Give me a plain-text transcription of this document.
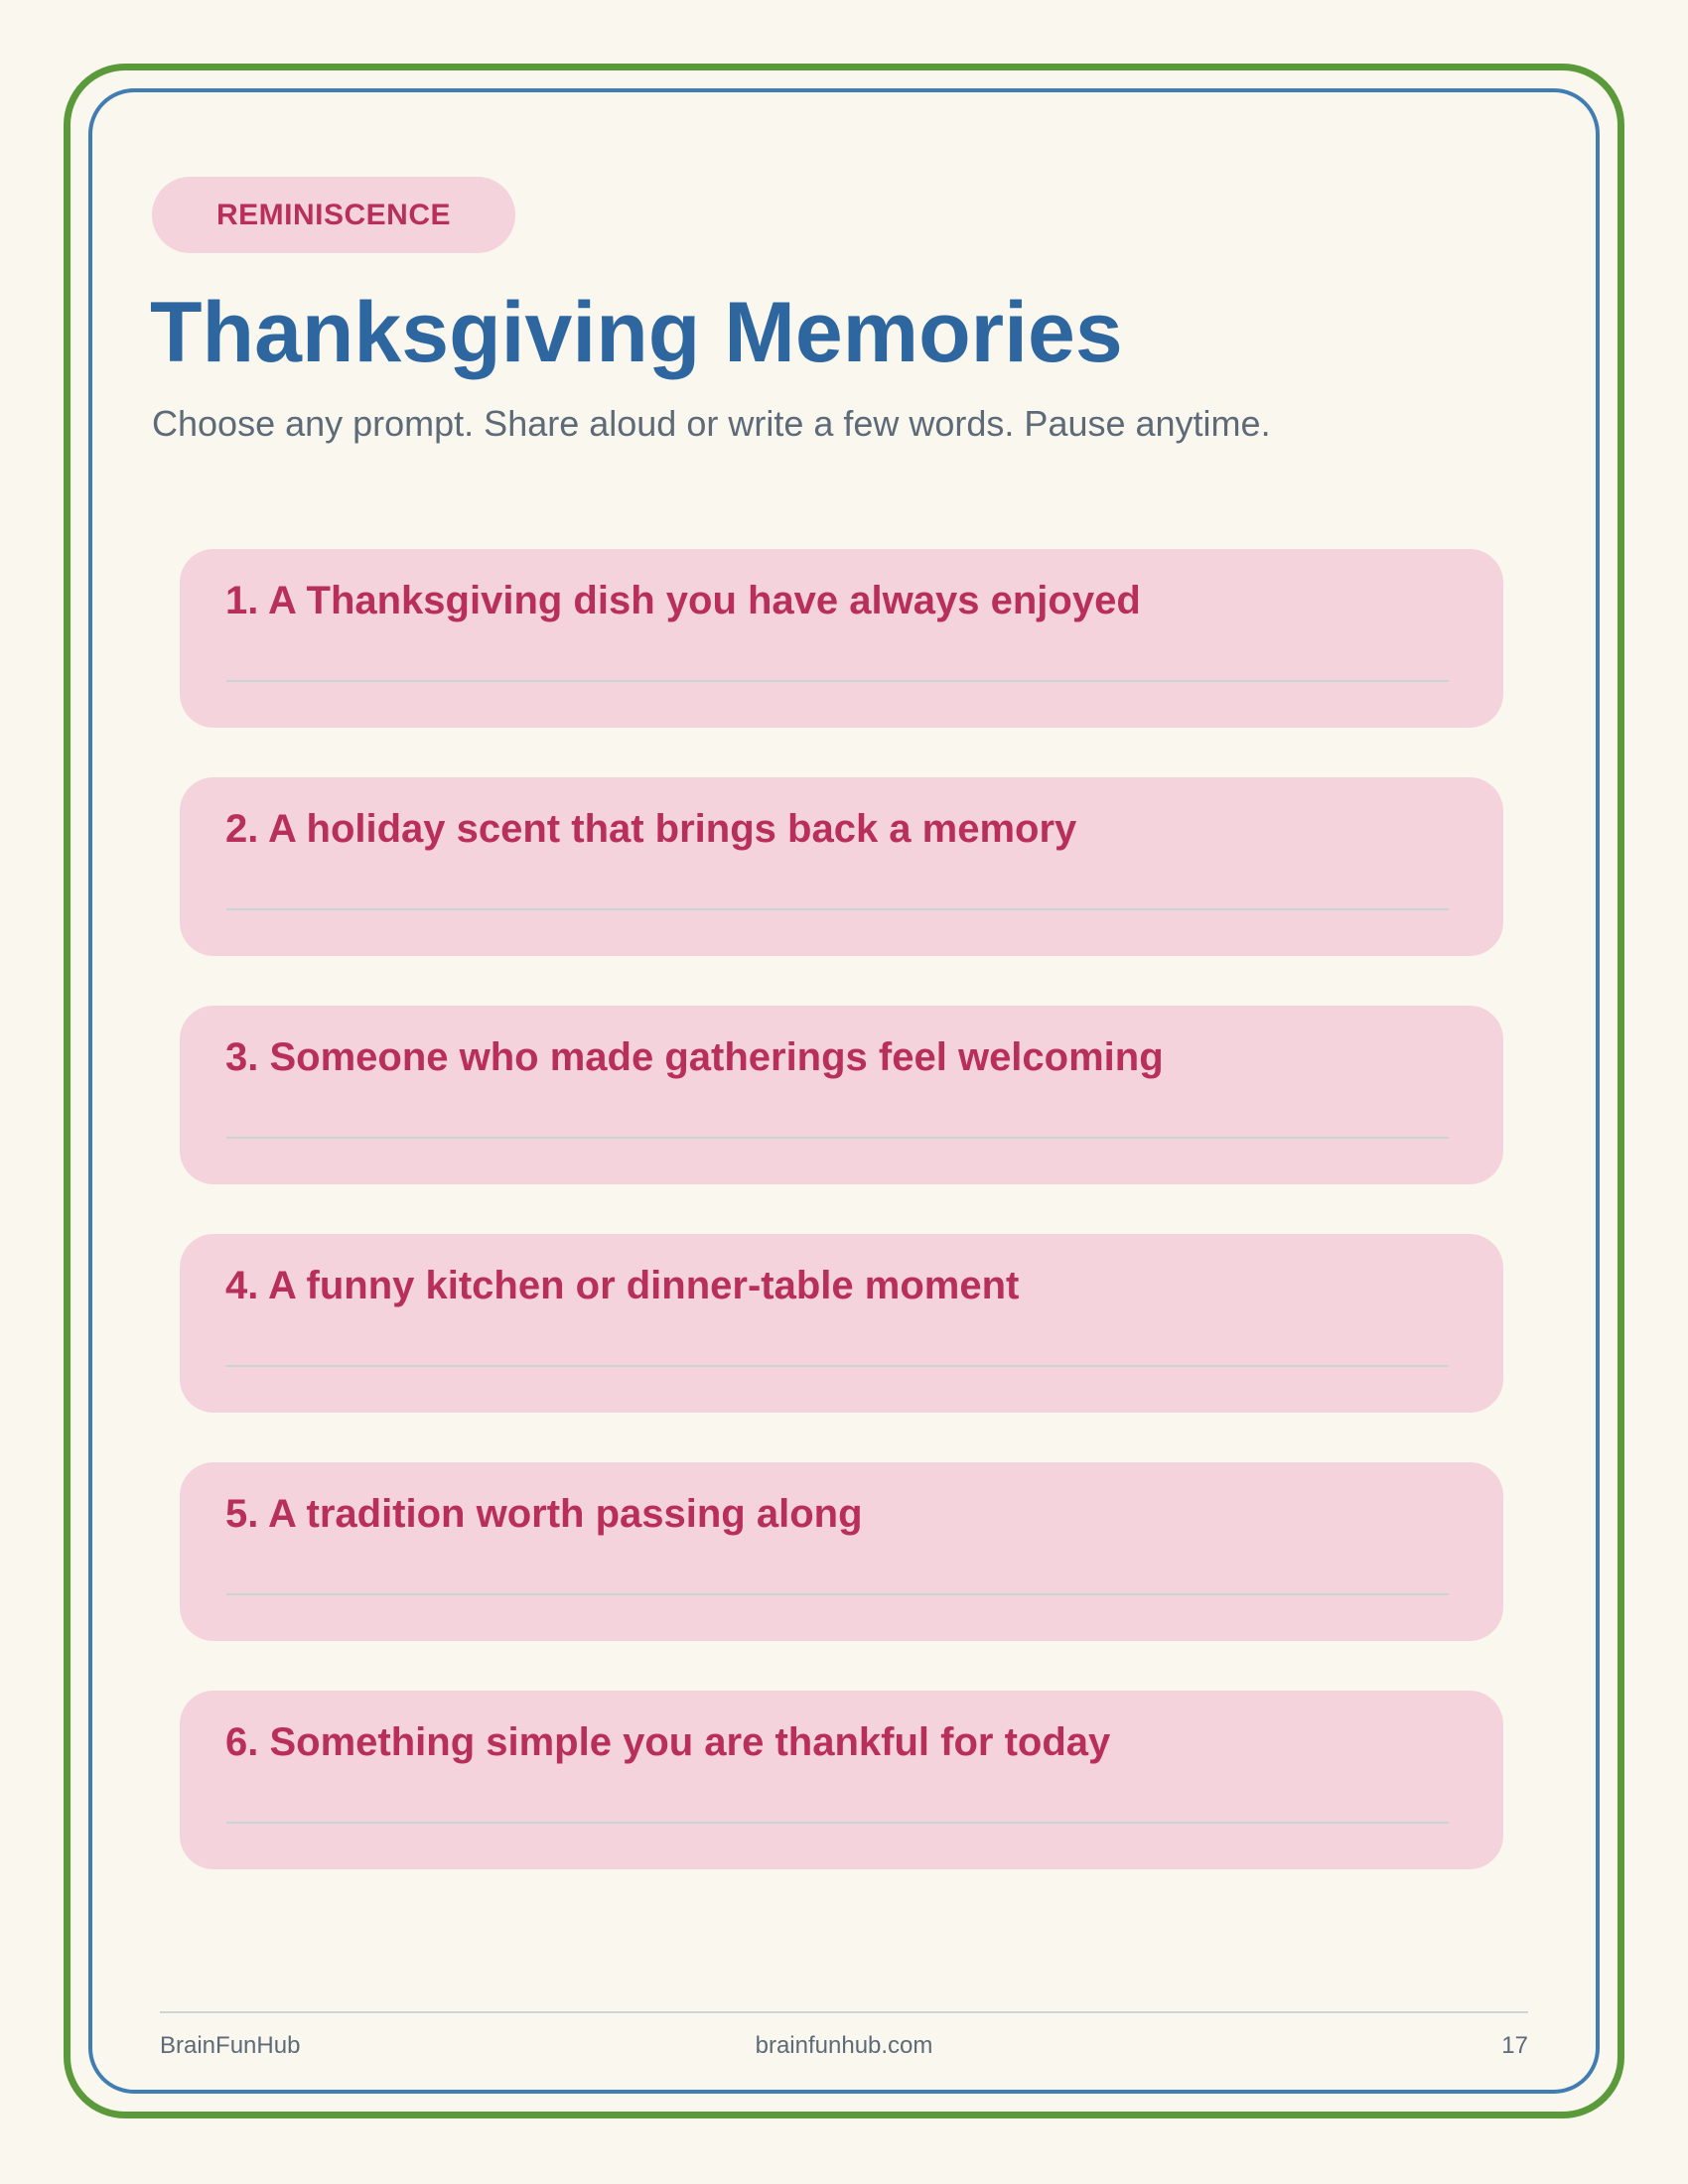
REMINISCENCE
Thanksgiving Memories

Choose any prompt. Share aloud or write a few words. Pause anytime.

1. A Thanksgiving dish you have always enjoyed
2. A holiday scent that brings back a memory
3. Someone who made gatherings feel welcoming
4. A funny kitchen or dinner-table moment
5. A tradition worth passing along
6. Something simple you are thankful for today
BrainFunHub	brainfunhub.com	17
